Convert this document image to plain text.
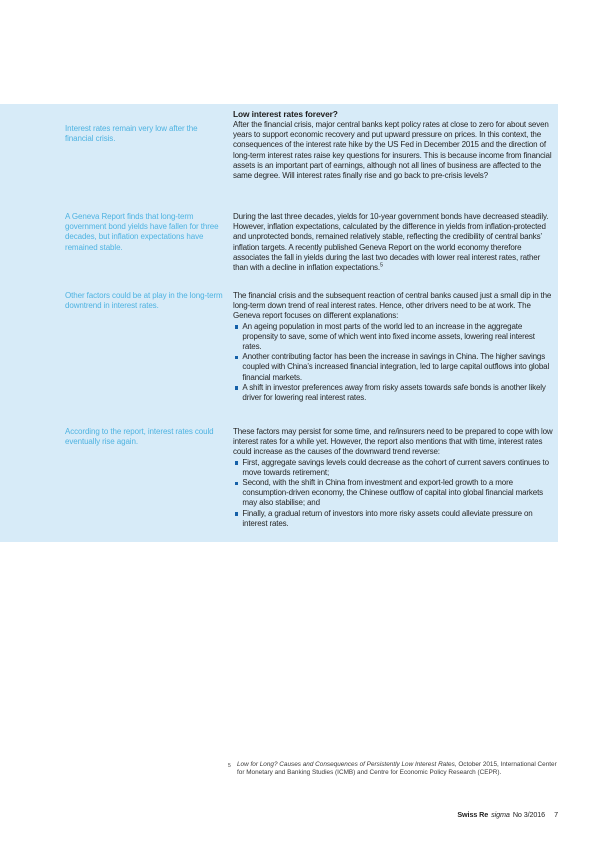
Interest rates remain very low after the financial crisis.

A Geneva Report finds that long-term government bond yields have fallen for three decades, but inflation expectations have remained stable.

Other factors could be at play in the long-term downtrend in interest rates.

According to the report, interest rates could eventually rise again.

Low interest rates forever?

After the financial crisis, major central banks kept policy rates at close to zero for about seven years to support economic recovery and put upward pressure on prices. In this context, the consequences of the interest rate hike by the US Fed in December 2015 and the direction of long-term interest rates raise key questions for insurers. This is because income from financial assets is an important part of earnings, although not all lines of business are affected to the same degree. Will interest rates finally rise and go back to pre-crisis levels?

During the last three decades, yields for 10-year government bonds have decreased steadily. However, inflation expectations, calculated by the difference in yields from inflation-protected and unprotected bonds, remained relatively stable, reflecting the credibility of central banks’ inflation targets. A recently published Geneva Report on the world economy therefore associates the fall in yields during the last two decades with lower real interest rates, rather than with a decline in inflation expectations.$^5$

The financial crisis and the subsequent reaction of central banks caused just a small dip in the long-term down trend of real interest rates. Hence, other drivers need to be at work. The Geneva report focuses on different explanations:

An ageing population in most parts of the world led to an increase in the aggregate propensity to save, some of which went into fixed income assets, lowering real interest rates.
Another contributing factor has been the increase in savings in China. The higher savings coupled with China’s increased financial integration, led to large capital outflows into global financial markets.
A shift in investor preferences away from risky assets towards safe bonds is another likely driver for lowering real interest rates.

These factors may persist for some time, and re/insurers need to be prepared to cope with low interest rates for a while yet. However, the report also mentions that with time, interest rates could increase as the causes of the downward trend reverse:

First, aggregate savings levels could decrease as the cohort of current savers continues to move towards retirement;
Second, with the shift in China from investment and export-led growth to a more consumption-driven economy, the Chinese outflow of capital into global financial markets may also stabilise; and
Finally, a gradual return of investors into more risky assets could alleviate pressure on interest rates.
5 Low for Long? Causes and Consequences of Persistently Low Interest Rates, October 2015, International Center for Monetary and Banking Studies (ICMB) and Centre for Economic Policy Research (CEPR).
Swiss Re sigma No 3/2016 7
